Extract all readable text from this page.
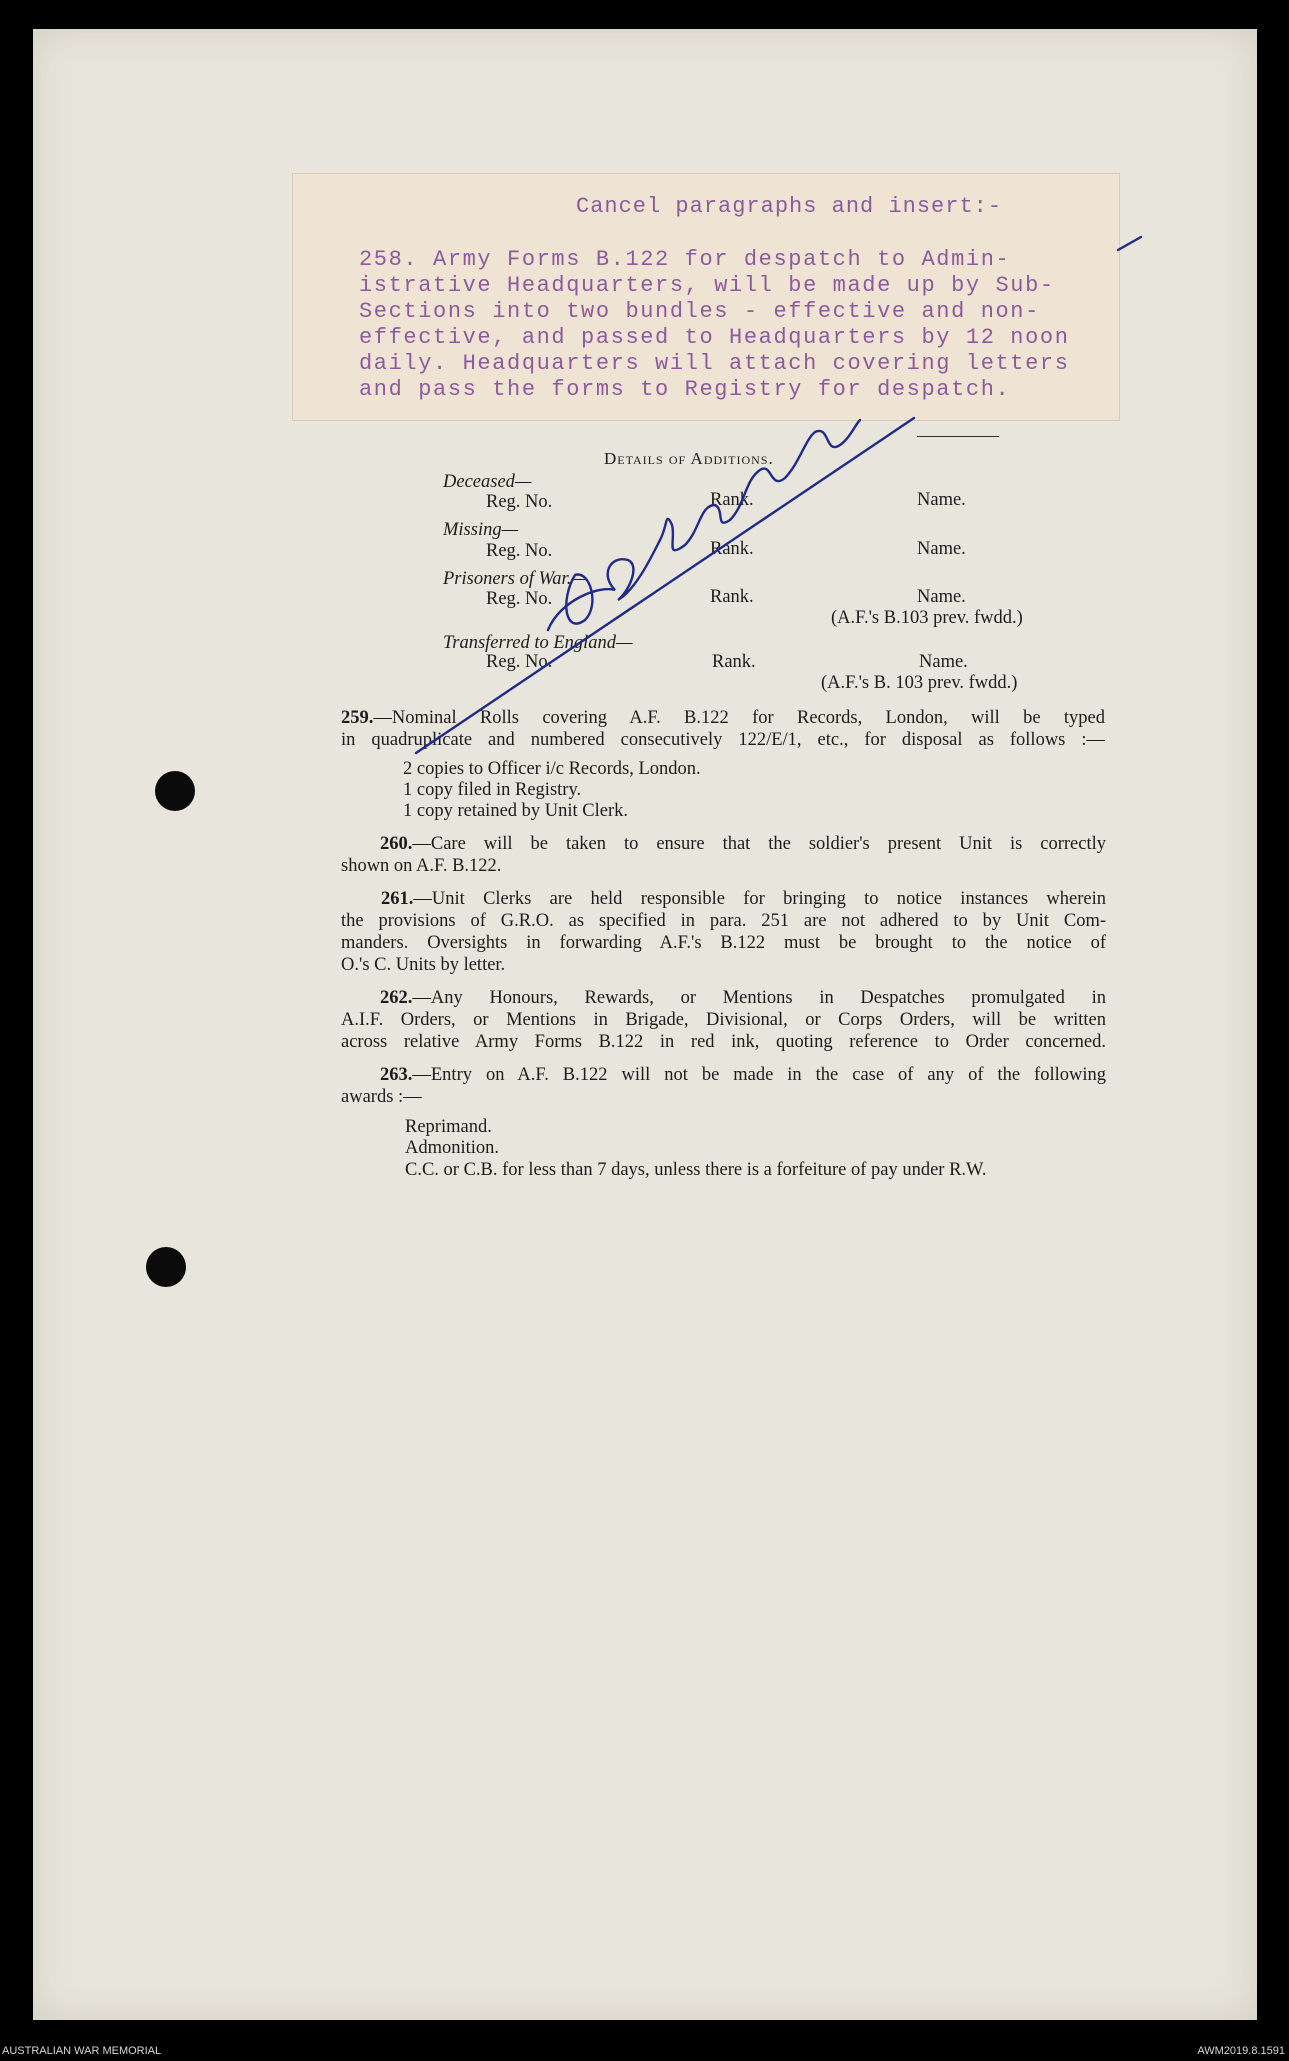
Cancel paragraphs and insert:-
258. Army Forms B.122 for despatch to Admin-
istrative Headquarters, will be made up by Sub-
Sections into two bundles - effective and non-
effective, and passed to Headquarters by 12 noon
daily. Headquarters will attach covering letters
and pass the forms to Registry for despatch.
Details of Additions.
Deceased—
Reg. No.	Rank.	Name.
Missing—
Reg. No.	Rank.	Name.
Prisoners of War.—
Reg. No.	Rank.	Name.
(A.F.'s B.103 prev. fwdd.)
Transferred to England—
Reg. No.	Rank.	Name.
(A.F.'s B. 103 prev. fwdd.)
259.—Nominal Rolls covering A.F. B.122 for Records, London, will be typed
in quadruplicate and numbered consecutively 122/E/1, etc., for disposal as follows :—
2 copies to Officer i/c Records, London.
1 copy filed in Registry.
1 copy retained by Unit Clerk.
260.—Care will be taken to ensure that the soldier's present Unit is correctly
shown on A.F. B.122.
261.—Unit Clerks are held responsible for bringing to notice instances wherein
the provisions of G.R.O. as specified in para. 251 are not adhered to by Unit Com-
manders. Oversights in forwarding A.F.'s B.122 must be brought to the notice of
O.'s C. Units by letter.
262.—Any Honours, Rewards, or Mentions in Despatches promulgated in
A.I.F. Orders, or Mentions in Brigade, Divisional, or Corps Orders, will be written
across relative Army Forms B.122 in red ink, quoting reference to Order concerned.
263.—Entry on A.F. B.122 will not be made in the case of any of the following
awards :—
Reprimand.
Admonition.
C.C. or C.B. for less than 7 days, unless there is a forfeiture of pay under R.W.
AUSTRALIAN WAR MEMORIAL	AWM2019.8.1591
